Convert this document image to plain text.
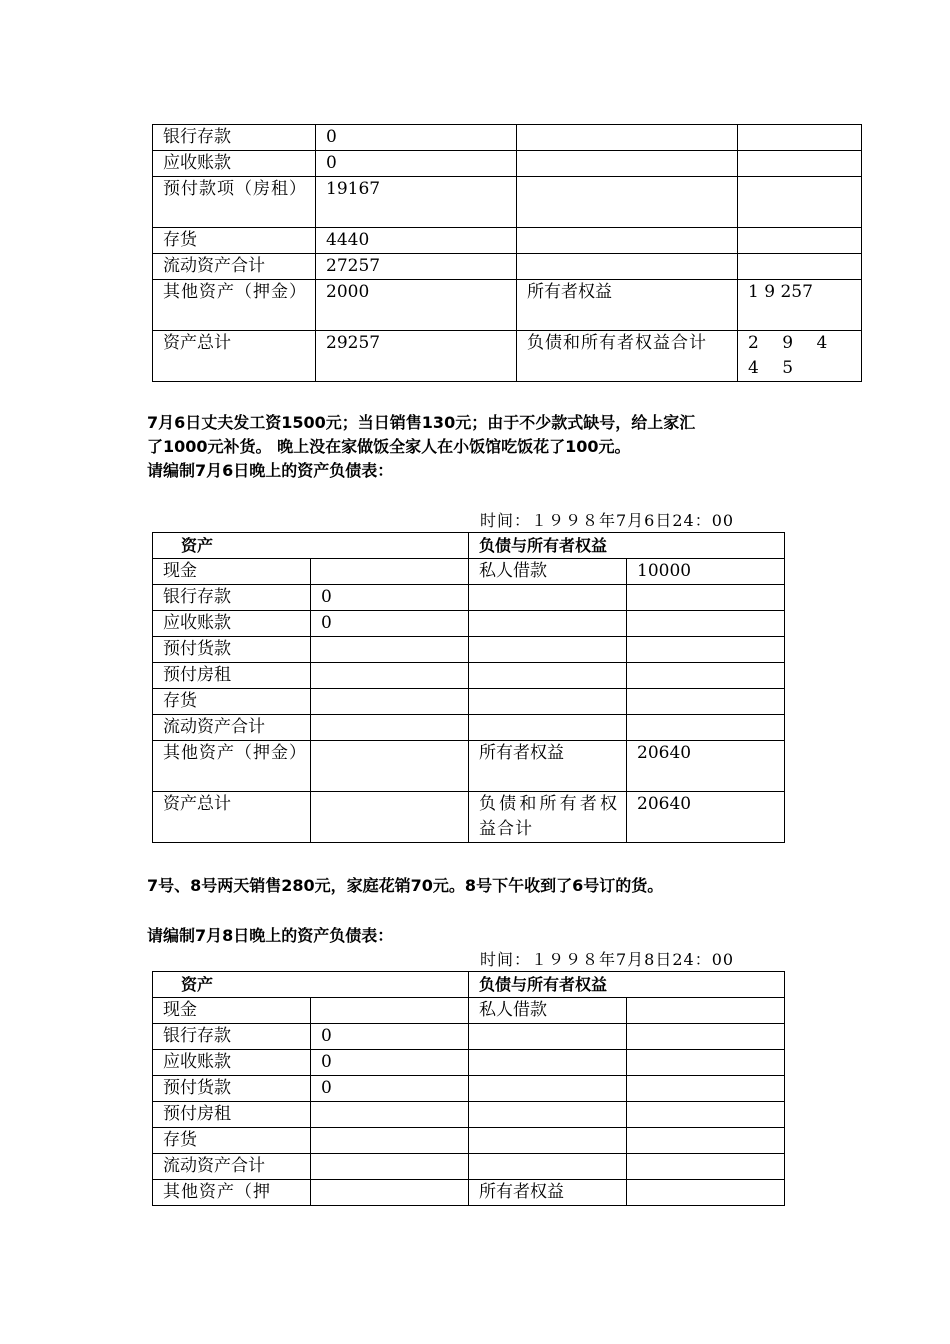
银行存款	0		
应收账款	0		
预付款项（房租）	19167		
存货	4440		
流动资产合计	27257		
其他资产（押金）	2000	所有者权益	1 9 257
资产总计	29257	负债和所有者权益合计	2 9 4 4 5
7月6日丈夫发工资1500元；当日销售130元；由于不少款式缺号，给上家汇
了1000元补货。 晚上没在家做饭全家人在小饭馆吃饭花了100元。
请编制7月6日晚上的资产负债表：
时间：１９９８年7月6日24：00
资产		负债与所有者权益	
现金		私人借款	10000
银行存款	0		
应收账款	0		
预付货款			
预付房租			
存货			
流动资产合计			
其他资产（押金）		所有者权益	20640
资产总计		负债和所有者权益合计	20640
7号、8号两天销售280元，家庭花销70元。8号下午收到了6号订的货。
请编制7月8日晚上的资产负债表：
时间：１９９８年7月8日24：00
资产		负债与所有者权益	
现金		私人借款	
银行存款	0		
应收账款	0		
预付货款	0		
预付房租			
存货			
流动资产合计			
其他资产（押		所有者权益	
